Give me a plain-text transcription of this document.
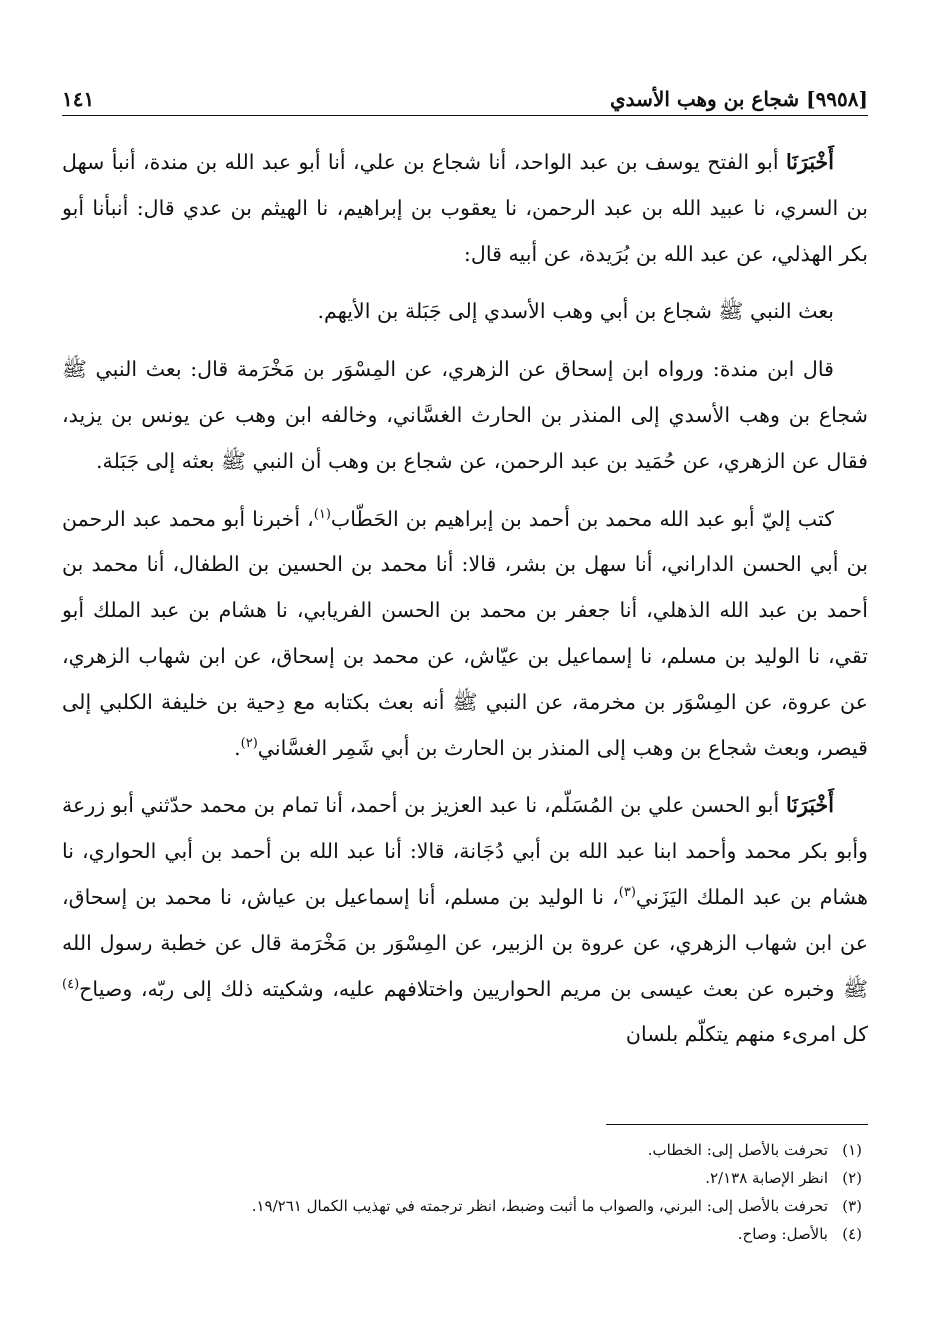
[٩٩٥٨] شجاع بن وهب الأسدي
١٤١

أَخْبَرَنَا أبو الفتح يوسف بن عبد الواحد، أنا شجاع بن علي، أنا أبو عبد الله بن مندة، أنبأ سهل بن السري، نا عبيد الله بن عبد الرحمن، نا يعقوب بن إبراهيم، نا الهيثم بن عدي قال: أنبأنا أبو بكر الهذلي، عن عبد الله بن بُرَيدة، عن أبيه قال:

بعث النبي ﷺ شجاع بن أبي وهب الأسدي إلى جَبَلة بن الأيهم.

قال ابن مندة: ورواه ابن إسحاق عن الزهري، عن المِسْوَر بن مَخْرَمة قال: بعث النبي ﷺ شجاع بن وهب الأسدي إلى المنذر بن الحارث الغسَّاني، وخالفه ابن وهب عن يونس بن يزيد، فقال عن الزهري، عن حُمَيد بن عبد الرحمن، عن شجاع بن وهب أن النبي ﷺ بعثه إلى جَبَلة.

كتب إليّ أبو عبد الله محمد بن أحمد بن إبراهيم بن الحَطّاب$^{(١)}$، أخبرنا أبو محمد عبد الرحمن بن أبي الحسن الداراني، أنا سهل بن بشر، قالا: أنا محمد بن الحسين بن الطفال، أنا محمد بن أحمد بن عبد الله الذهلي، أنا جعفر بن محمد بن الحسن الفريابي، نا هشام بن عبد الملك أبو تقي، نا الوليد بن مسلم، نا إسماعيل بن عيّاش، عن محمد بن إسحاق، عن ابن شهاب الزهري، عن عروة، عن المِسْوَر بن مخرمة، عن النبي ﷺ أنه بعث بكتابه مع دِحية بن خليفة الكلبي إلى قيصر، وبعث شجاع بن وهب إلى المنذر بن الحارث بن أبي شَمِر الغسَّاني$^{(٢)}$.

أَخْبَرَنَا أبو الحسن علي بن المُسَلّم، نا عبد العزيز بن أحمد، أنا تمام بن محمد حدّثني أبو زرعة وأبو بكر محمد وأحمد ابنا عبد الله بن أبي دُجَانة، قالا: أنا عبد الله بن أحمد بن أبي الحواري، نا هشام بن عبد الملك اليَزَني$^{(٣)}$، نا الوليد بن مسلم، أنا إسماعيل بن عياش، نا محمد بن إسحاق، عن ابن شهاب الزهري، عن عروة بن الزبير، عن المِسْوَر بن مَخْرَمة قال عن خطبة رسول الله ﷺ وخبره عن بعث عيسى بن مريم الحواريين واختلافهم عليه، وشكيته ذلك إلى ربّه، وصياح$^{(٤)}$ كل امرىء منهم يتكلّم بلسان

(١)تحرفت بالأصل إلى: الخطاب.
(٢)انظر الإصابة ٢/١٣٨.
(٣)تحرفت بالأصل إلى: البرني، والصواب ما أثبت وضبط، انظر ترجمته في تهذيب الكمال ١٩/٢٦١.
(٤)بالأصل: وصاح.
